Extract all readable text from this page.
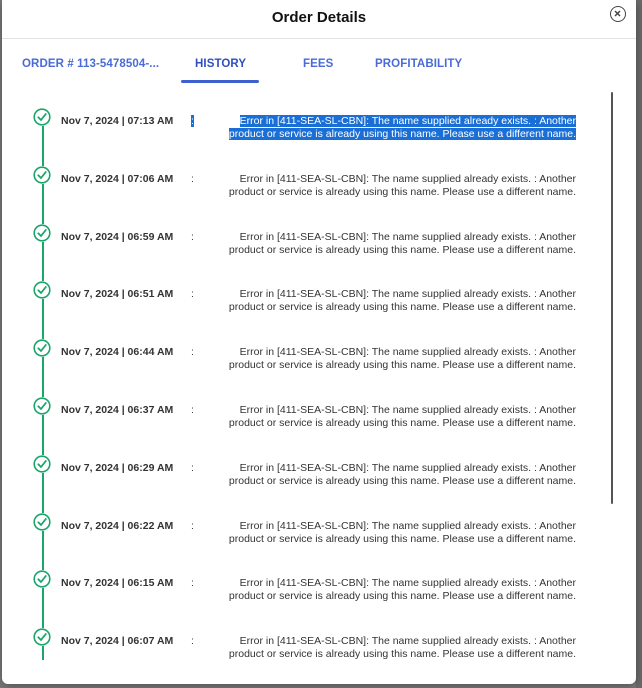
Order Details
ORDER # 113-5478504-...	HISTORY	FEES	PROFITABILITY
Nov 7, 2024 | 07:13 AM :	Error in [411-SEA-SL-CBN]: The name supplied already exists. : Another product or service is already using this name. Please use a different name.
Nov 7, 2024 | 07:06 AM :	Error in [411-SEA-SL-CBN]: The name supplied already exists. : Another product or service is already using this name. Please use a different name.
Nov 7, 2024 | 06:59 AM :	Error in [411-SEA-SL-CBN]: The name supplied already exists. : Another product or service is already using this name. Please use a different name.
Nov 7, 2024 | 06:51 AM :	Error in [411-SEA-SL-CBN]: The name supplied already exists. : Another product or service is already using this name. Please use a different name.
Nov 7, 2024 | 06:44 AM :	Error in [411-SEA-SL-CBN]: The name supplied already exists. : Another product or service is already using this name. Please use a different name.
Nov 7, 2024 | 06:37 AM :	Error in [411-SEA-SL-CBN]: The name supplied already exists. : Another product or service is already using this name. Please use a different name.
Nov 7, 2024 | 06:29 AM :	Error in [411-SEA-SL-CBN]: The name supplied already exists. : Another product or service is already using this name. Please use a different name.
Nov 7, 2024 | 06:22 AM :	Error in [411-SEA-SL-CBN]: The name supplied already exists. : Another product or service is already using this name. Please use a different name.
Nov 7, 2024 | 06:15 AM :	Error in [411-SEA-SL-CBN]: The name supplied already exists. : Another product or service is already using this name. Please use a different name.
Nov 7, 2024 | 06:07 AM :	Error in [411-SEA-SL-CBN]: The name supplied already exists. : Another product or service is already using this name. Please use a different name.
